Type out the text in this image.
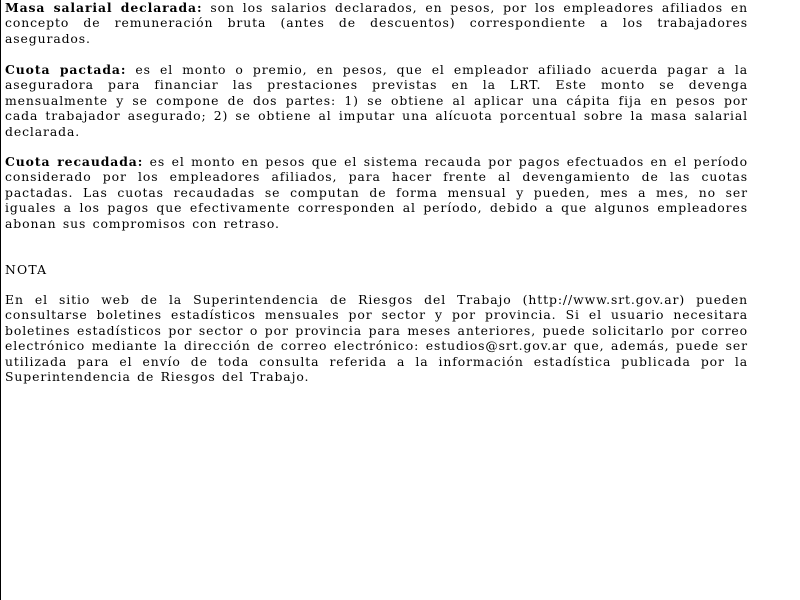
Masa salarial declarada: son los salarios declarados, en pesos, por los empleadores afiliados en concepto de remuneración bruta (antes de descuentos) correspondiente a los trabajadores asegurados.

Cuota pactada: es el monto o premio, en pesos, que el empleador afiliado acuerda pagar a la aseguradora para financiar las prestaciones previstas en la LRT. Este monto se devenga mensualmente y se compone de dos partes: 1) se obtiene al aplicar una cápita fija en pesos por cada trabajador asegurado; 2) se obtiene al imputar una alícuota porcentual sobre la masa salarial declarada.

Cuota recaudada: es el monto en pesos que el sistema recauda por pagos efectuados en el período considerado por los empleadores afiliados, para hacer frente al devengamiento de las cuotas pactadas. Las cuotas recaudadas se computan de forma mensual y pueden, mes a mes, no ser iguales a los pagos que efectivamente corresponden al período, debido a que algunos empleadores abonan sus compromisos con retraso.

NOTA

En el sitio web de la Superintendencia de Riesgos del Trabajo (http://www.srt.gov.ar) pueden consultarse boletines estadísticos mensuales por sector y por provincia. Si el usuario necesitara boletines estadísticos por sector o por provincia para meses anteriores, puede solicitarlo por correo electrónico mediante la dirección de correo electrónico: estudios@srt.gov.ar que, además, puede ser utilizada para el envío de toda consulta referida a la información estadística publicada por la Superintendencia de Riesgos del Trabajo.
